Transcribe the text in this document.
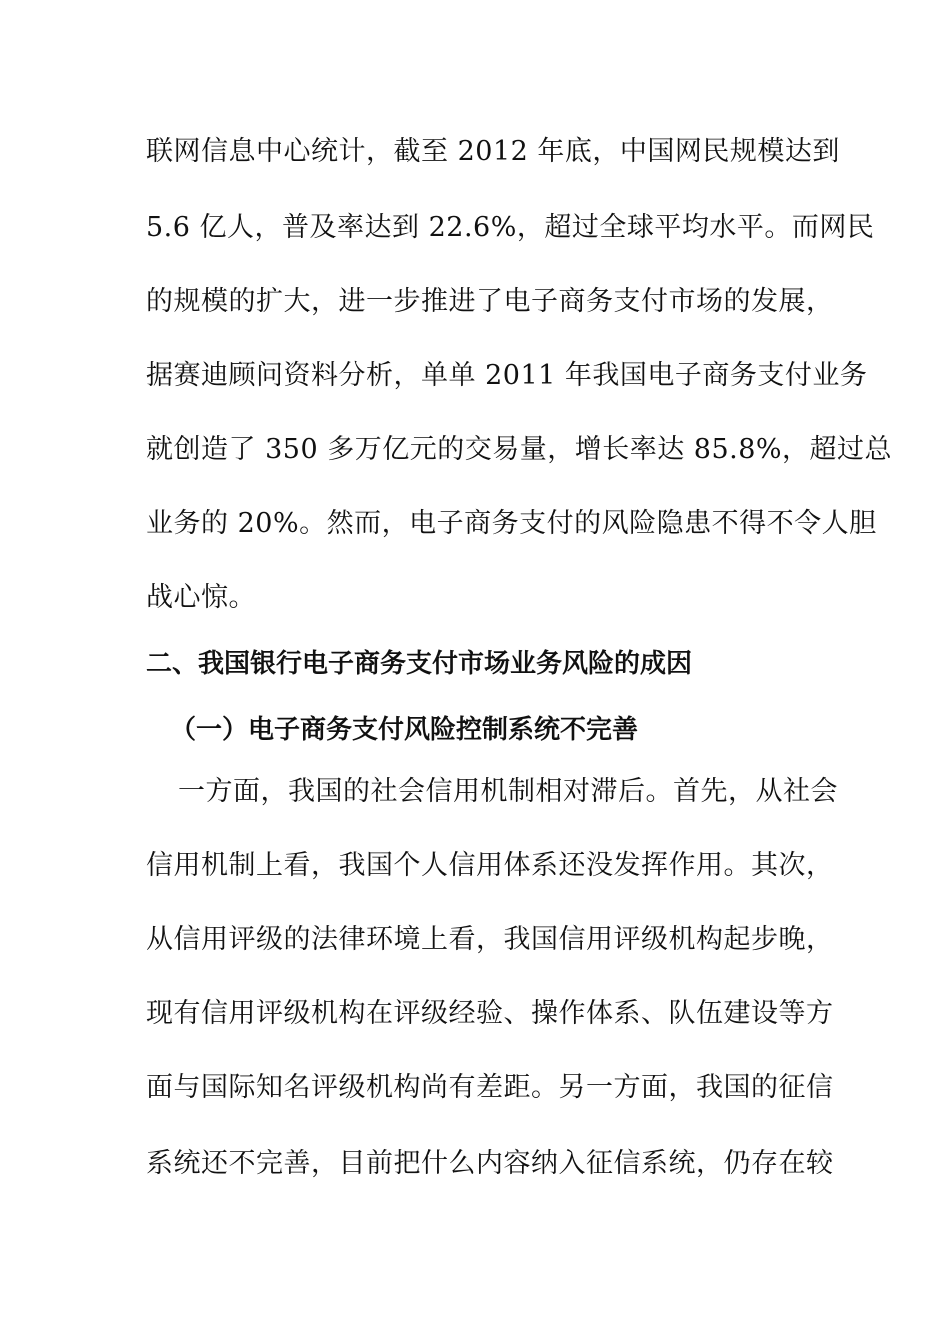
联网信息中心统计，截至 2012 年底，中国网民规模达到
5.6 亿人，普及率达到 22.6%，超过全球平均水平。而网民
的规模的扩大，进一步推进了电子商务支付市场的发展，
据赛迪顾问资料分析，单单 2011 年我国电子商务支付业务
就创造了 350 多万亿元的交易量，增长率达 85.8%，超过总
业务的 20%。然而，电子商务支付的风险隐患不得不令人胆
战心惊。
二、我国银行电子商务支付市场业务风险的成因
（一）电子商务支付风险控制系统不完善
一方面，我国的社会信用机制相对滞后。首先，从社会
信用机制上看，我国个人信用体系还没发挥作用。其次，
从信用评级的法律环境上看，我国信用评级机构起步晚，
现有信用评级机构在评级经验、操作体系、队伍建设等方
面与国际知名评级机构尚有差距。另一方面，我国的征信
系统还不完善，目前把什么内容纳入征信系统，仍存在较
